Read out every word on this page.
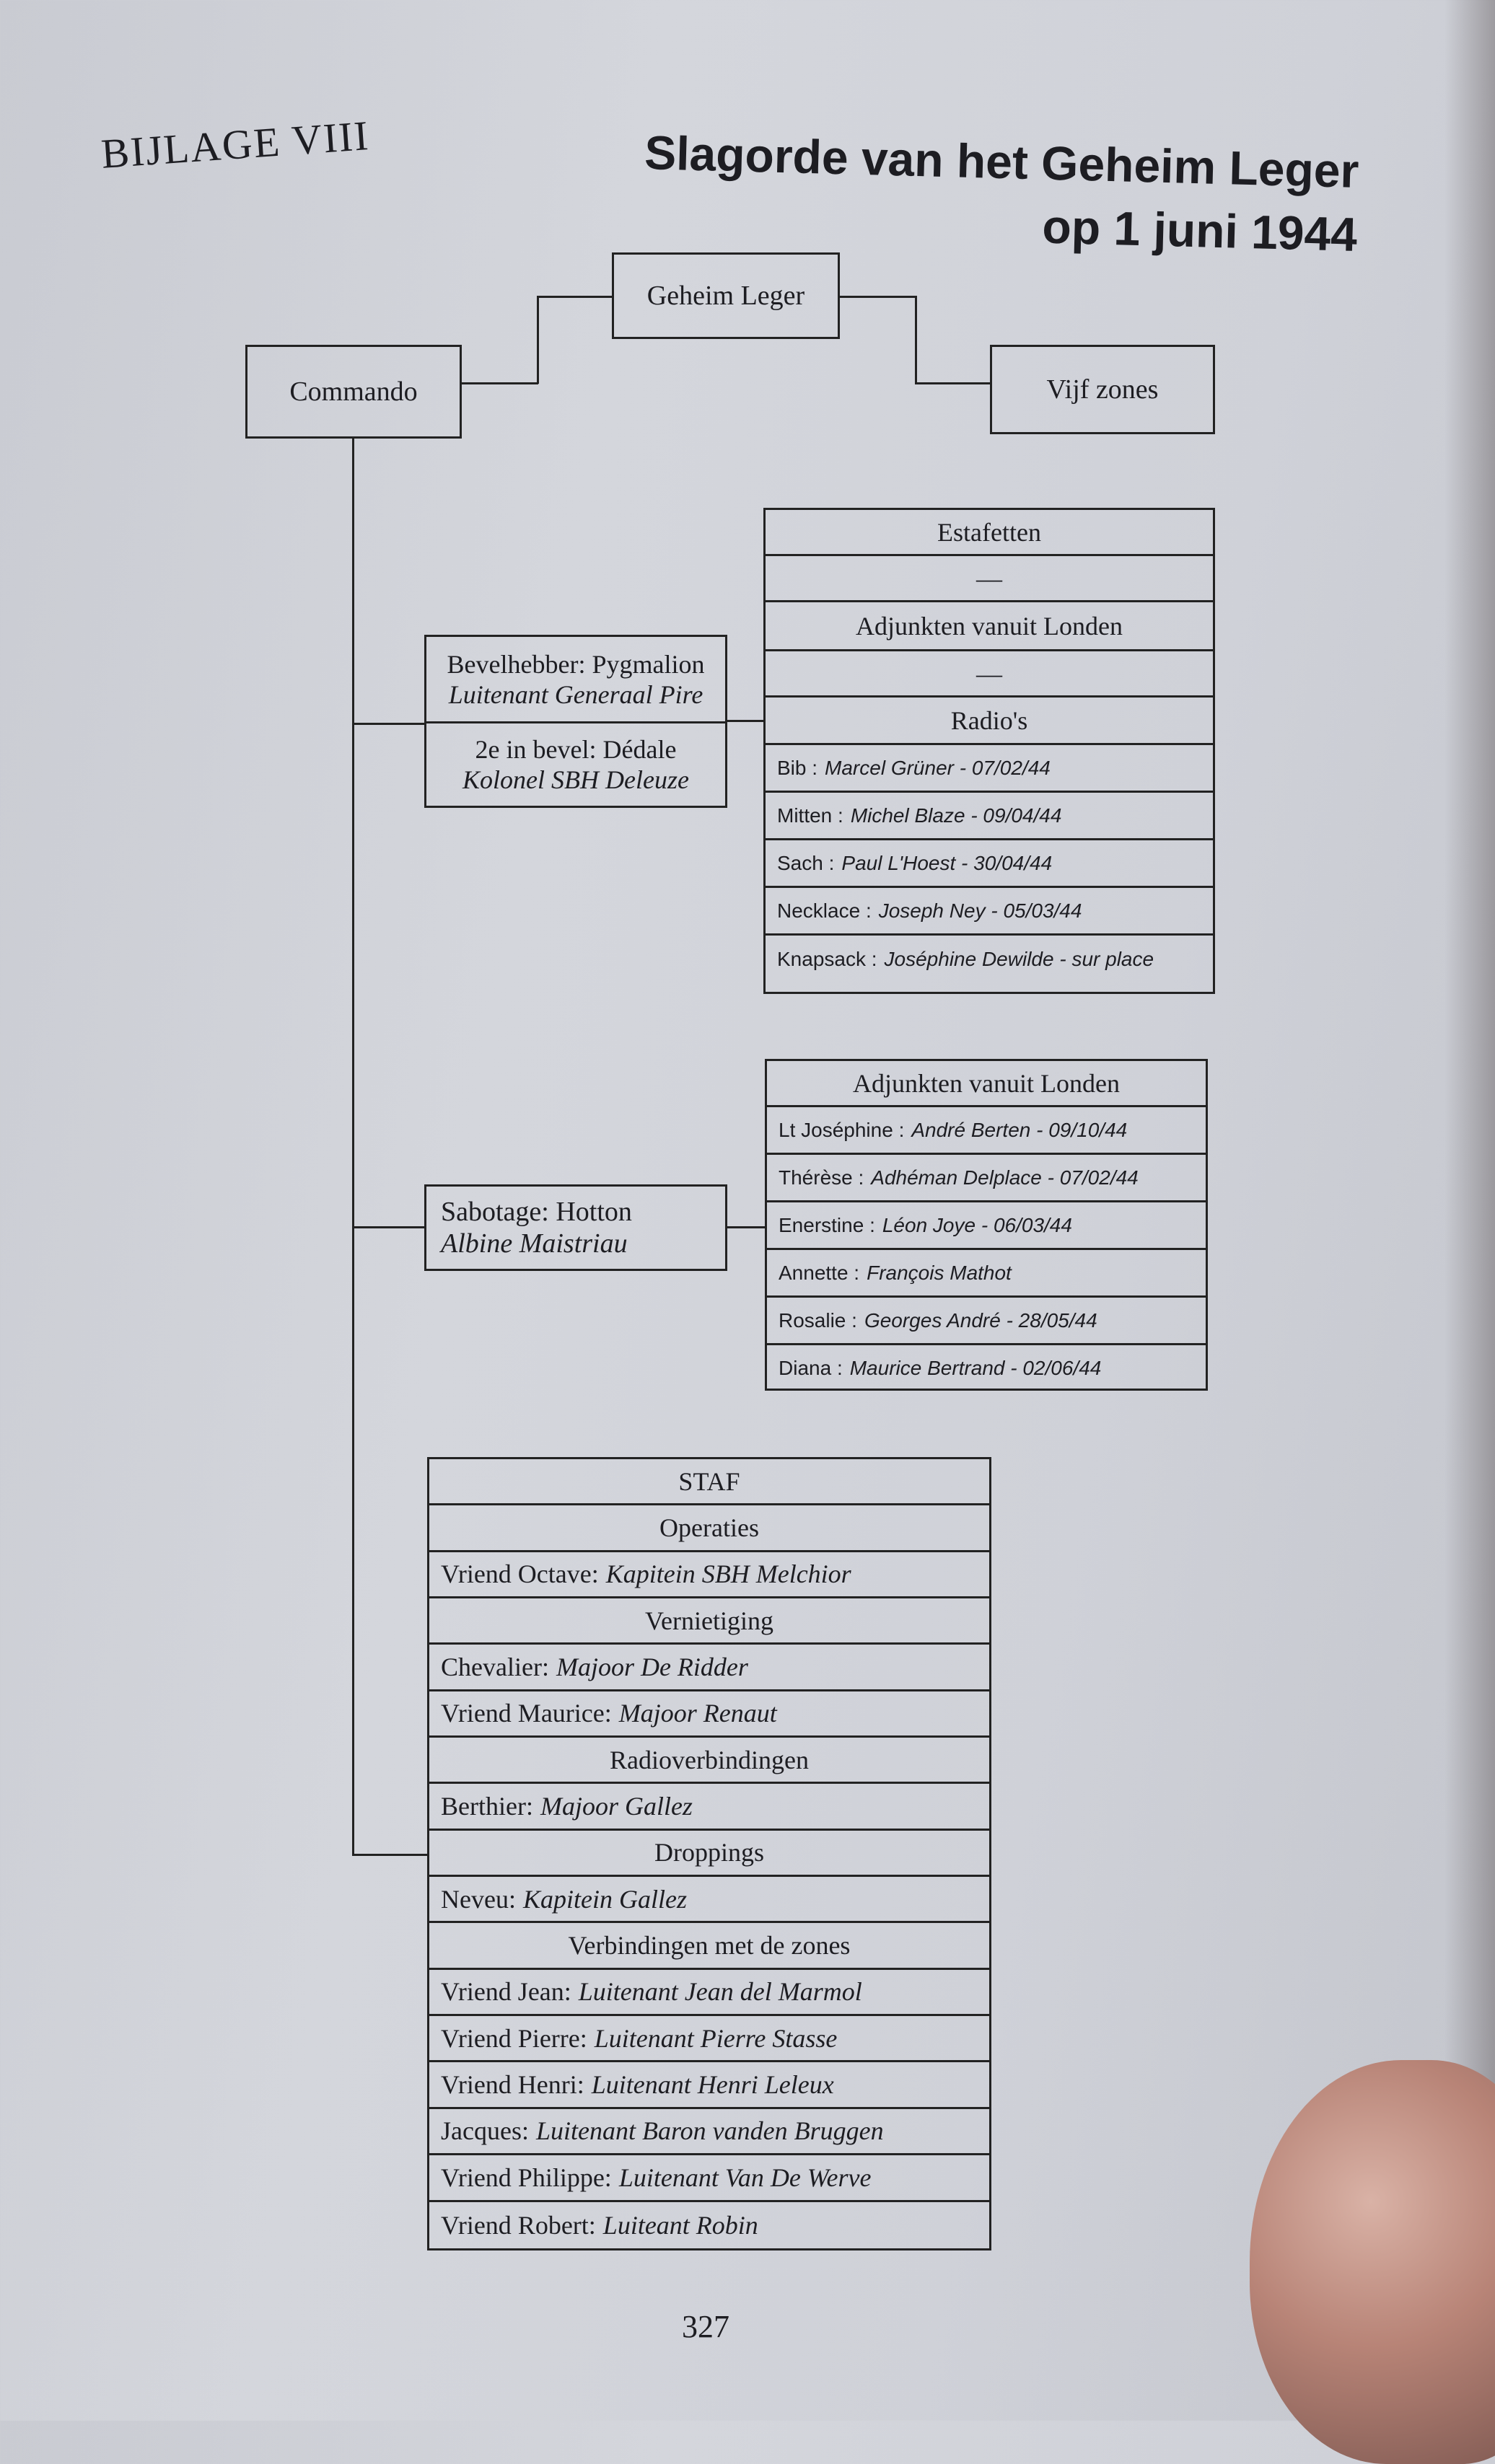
BIJLAGE VIII	Slagorde van het Geheim Leger
op 1 juni 1944
Geheim Leger
Commando	Vijf zones
Estafetten
—
Adjunkten vanuit Londen
—
Radio's
Bib : Marcel Grüner - 07/02/44
Mitten : Michel Blaze - 09/04/44
Sach : Paul L'Hoest - 30/04/44
Necklace : Joseph Ney - 05/03/44
Knapsack : Joséphine Dewilde - sur place
Bevelhebber: Pygmalion
Luitenant Generaal Pire
2e in bevel: Dédale
Kolonel SBH Deleuze
Adjunkten vanuit Londen
Lt Joséphine : André Berten - 09/10/44
Thérèse : Adhéman Delplace - 07/02/44
Enerstine : Léon Joye - 06/03/44
Annette : François Mathot
Rosalie : Georges André - 28/05/44
Diana : Maurice Bertrand - 02/06/44
Sabotage: Hotton
Albine Maistriau
STAF
Operaties
Vriend Octave: Kapitein SBH Melchior
Vernietiging
Chevalier: Majoor De Ridder
Vriend Maurice: Majoor Renaut
Radioverbindingen
Berthier: Majoor Gallez
Droppings
Neveu: Kapitein Gallez
Verbindingen met de zones
Vriend Jean: Luitenant Jean del Marmol
Vriend Pierre: Luitenant Pierre Stasse
Vriend Henri: Luitenant Henri Leleux
Jacques: Luitenant Baron vanden Bruggen
Vriend Philippe: Luitenant Van De Werve
Vriend Robert: Luiteant Robin
327
